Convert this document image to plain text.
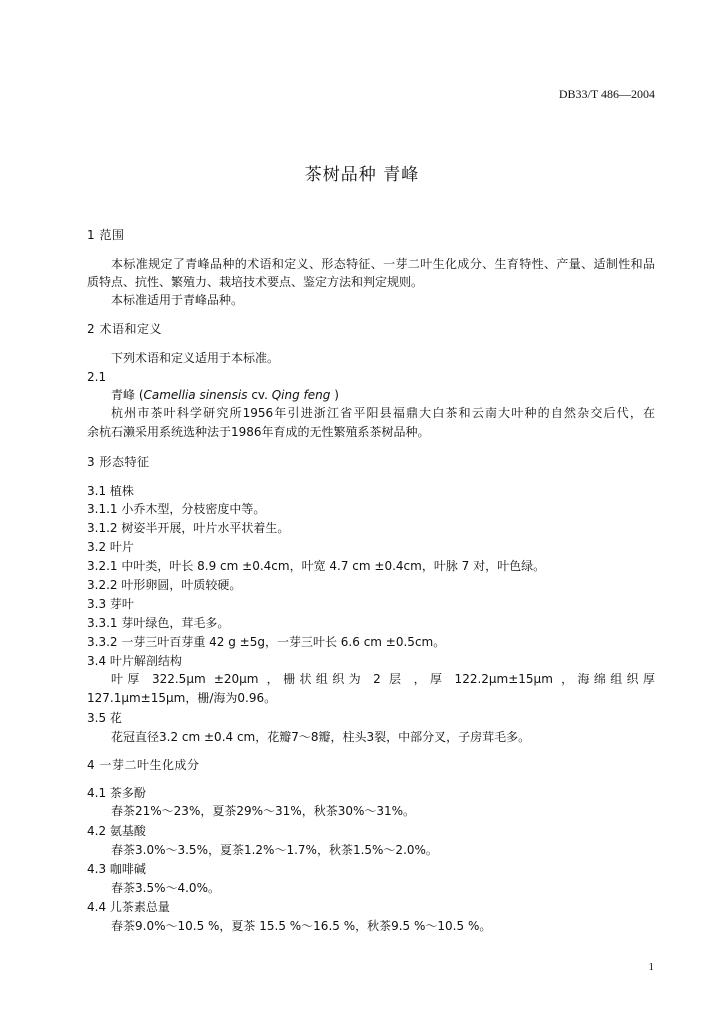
DB33/T 486—2004
茶树品种 青峰
1 范围
本标准规定了青峰品种的术语和定义、形态特征、一芽二叶生化成分、生育特性、产量、适制性和品
质特点、抗性、繁殖力、栽培技术要点、鉴定方法和判定规则。
本标准适用于青峰品种。
2 术语和定义
下列术语和定义适用于本标准。
2.1
青峰 (Camellia sinensis cv. Qing feng )
杭州市茶叶科学研究所1956年引进浙江省平阳县福鼎大白茶和云南大叶种的自然杂交后代，在
余杭石濑采用系统选种法于1986年育成的无性繁殖系茶树品种。
3 形态特征
3.1 植株
3.1.1 小乔木型，分枝密度中等。
3.1.2 树姿半开展，叶片水平状着生。
3.2 叶片
3.2.1 中叶类，叶长 8.9 cm ±0.4cm，叶宽 4.7 cm ±0.4cm，叶脉 7 对，叶色绿。
3.2.2 叶形卵圆，叶质较硬。
3.3 芽叶
3.3.1 芽叶绿色，茸毛多。
3.3.2 一芽三叶百芽重 42 g ±5g，一芽三叶长 6.6 cm ±0.5cm。
3.4 叶片解剖结构
叶厚 322.5μm ±20μm ，栅状组织为 2 层 ，厚 122.2μm±15μm ，海绵组织厚
127.1μm±15μm，栅/海为0.96。
3.5 花
花冠直径3.2 cm ±0.4 cm，花瓣7～8瓣，柱头3裂，中部分叉，子房茸毛多。
4 一芽二叶生化成分
4.1 茶多酚
春茶21%～23%，夏茶29%～31%，秋茶30%～31%。
4.2 氨基酸
春茶3.0%～3.5%，夏茶1.2%～1.7%，秋茶1.5%～2.0%。
4.3 咖啡碱
春茶3.5%～4.0%。
4.4 儿茶素总量
春茶9.0%～10.5 %，夏茶 15.5 %～16.5 %，秋茶9.5 %～10.5 %。
1
